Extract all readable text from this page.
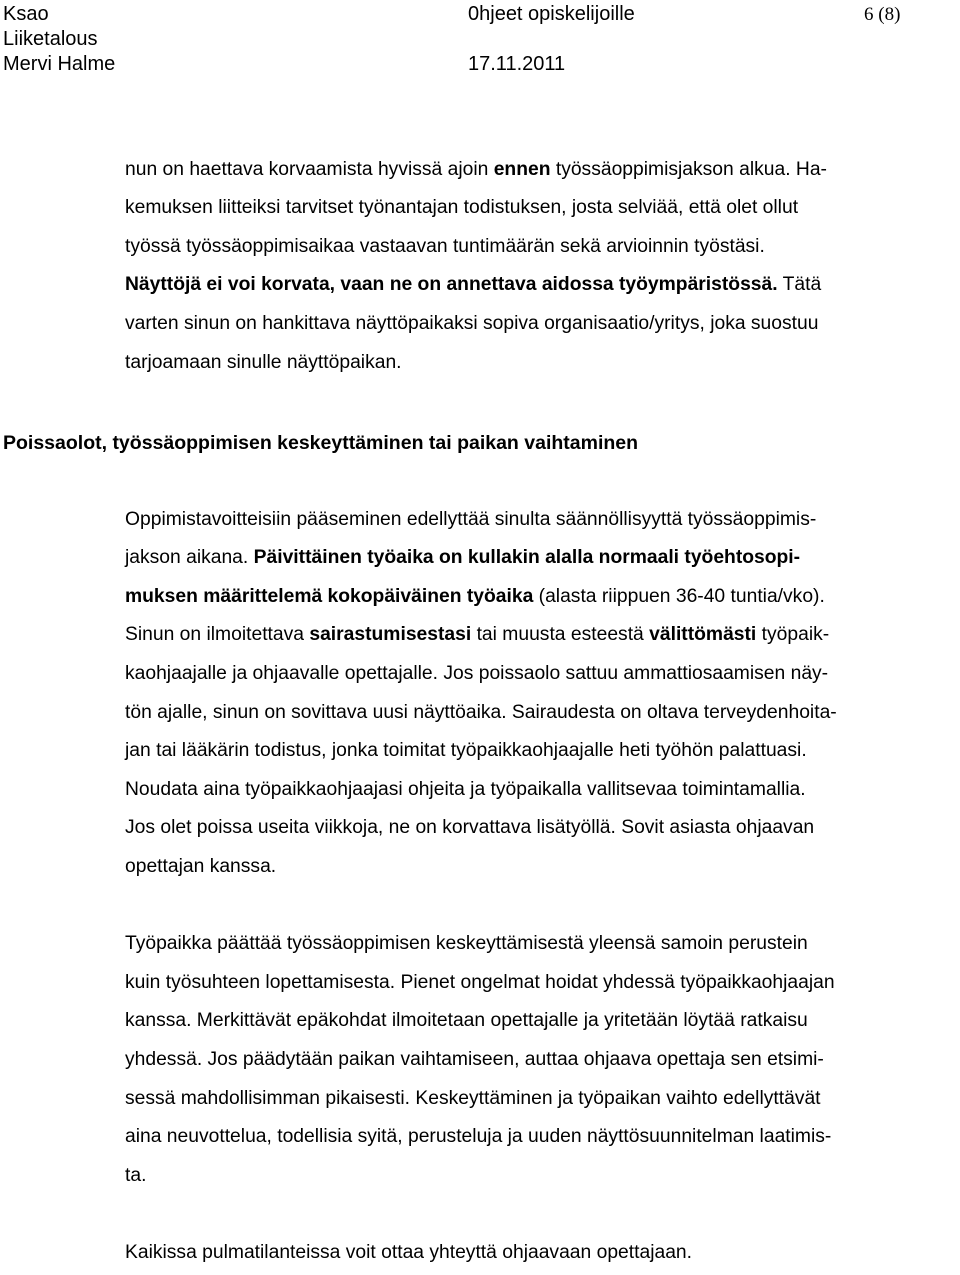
Ksao	0hjeet opiskelijoille	6 (8)
Liiketalous
Mervi Halme	17.11.2011
nun on haettava korvaamista hyvissä ajoin ennen työssäoppimisjakson alkua. Ha-
kemuksen liitteiksi tarvitset työnantajan todistuksen, josta selviää, että olet ollut
työssä työssäoppimisaikaa vastaavan tuntimäärän sekä arvioinnin työstäsi.
Näyttöjä ei voi korvata, vaan ne on annettava aidossa työympäristössä. Tätä
varten sinun on hankittava näyttöpaikaksi sopiva organisaatio/yritys, joka suostuu
tarjoamaan sinulle näyttöpaikan.
Poissaolot, työssäoppimisen keskeyttäminen tai paikan vaihtaminen
Oppimistavoitteisiin pääseminen edellyttää sinulta säännöllisyyttä työssäoppimis-
jakson aikana. Päivittäinen työaika on kullakin alalla normaali työehtosopi-
muksen määrittelemä kokopäiväinen työaika (alasta riippuen 36-40 tuntia/vko).
Sinun on ilmoitettava sairastumisestasi tai muusta esteestä välittömästi työpaik-
kaohjaajalle ja ohjaavalle opettajalle. Jos poissaolo sattuu ammattiosaamisen näy-
tön ajalle, sinun on sovittava uusi näyttöaika. Sairaudesta on oltava terveydenhoita-
jan tai lääkärin todistus, jonka toimitat työpaikkaohjaajalle heti työhön palattuasi.
Noudata aina työpaikkaohjaajasi ohjeita ja työpaikalla vallitsevaa toimintamallia.
Jos olet poissa useita viikkoja, ne on korvattava lisätyöllä. Sovit asiasta ohjaavan
opettajan kanssa.
Työpaikka päättää työssäoppimisen keskeyttämisestä yleensä samoin perustein
kuin työsuhteen lopettamisesta. Pienet ongelmat hoidat yhdessä työpaikkaohjaajan
kanssa. Merkittävät epäkohdat ilmoitetaan opettajalle ja yritetään löytää ratkaisu
yhdessä. Jos päädytään paikan vaihtamiseen, auttaa ohjaava opettaja sen etsimi-
sessä mahdollisimman pikaisesti. Keskeyttäminen ja työpaikan vaihto edellyttävät
aina neuvottelua, todellisia syitä, perusteluja ja uuden näyttösuunnitelman laatimis-
ta.
Kaikissa pulmatilanteissa voit ottaa yhteyttä ohjaavaan opettajaan.
